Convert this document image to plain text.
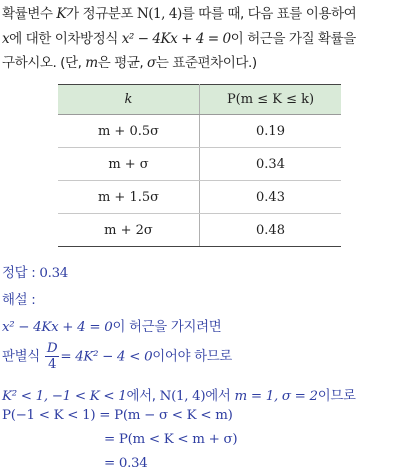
확률변수 K가 정규분포 N(1, 4)를 따를 때, 다음 표를 이용하여
x에 대한 이차방정식 x² − 4Kx + 4 = 0이 허근을 가질 확률을
구하시오. (단, m은 평균, σ는 표준편차이다.)
k	P(m ≤ K ≤ k)
m + 0.5σ	0.19
m + σ	0.34
m + 1.5σ	0.43
m + 2σ	0.48
정답 : 0.34
해설 :
x² − 4Kx + 4 = 0이 허근을 가지려면
판별식 $\frac{D}{4} = 4K^2 - 4 < 0$이어야 하므로
K² < 1, −1 < K < 1에서, N(1, 4)에서 m = 1, σ = 2이므로
P(−1 < K < 1) = P(m − σ < K < m)
= P(m < K < m + σ)
= 0.34
